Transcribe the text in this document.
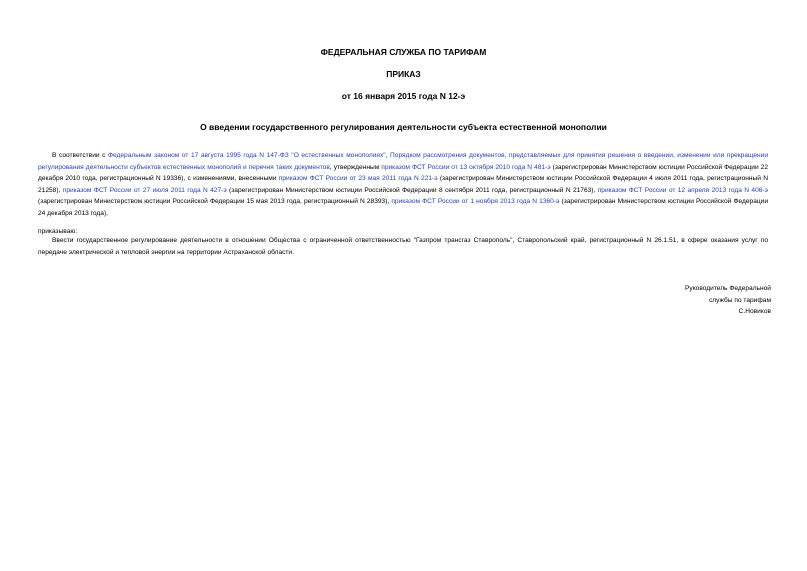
ФЕДЕРАЛЬНАЯ СЛУЖБА ПО ТАРИФАМ
ПРИКАЗ
от 16 января 2015 года N 12-э
О введении государственного регулирования деятельности субъекта естественной монополии
В соответствии с Федеральным законом от 17 августа 1995 года N 147-ФЗ "О естественных монополиях", Порядком рассмотрения документов, представляемых для принятия решения о введении, изменении или прекращении регулирования деятельности субъектов естественных монополий и перечня таких документов, утвержденным приказом ФСТ России от 13 октября 2010 года N 481-э (зарегистрирован Министерством юстиции Российской Федерации 22 декабря 2010 года, регистрационный N 19336), с изменениями, внесенными приказом ФСТ России от 23 мая 2011 года N 221-э (зарегистрирован Министерством юстиции Российской Федерации 4 июля 2011 года, регистрационный N 21258), приказом ФСТ России от 27 июля 2011 года N 427-э (зарегистрирован Министерством юстиции Российской Федерации 8 сентября 2011 года, регистрационный N 21763), приказом ФСТ России от 12 апреля 2013 года N 406-э (зарегистрирован Министерством юстиции Российской Федерации 15 мая 2013 года, регистрационный N 28393), приказом ФСТ России от 1 ноября 2013 года N 1360-э (зарегистрирован Министерством юстиции Российской Федерации 24 декабря 2013 года),
приказываю:
Ввести государственное регулирование деятельности в отношении Общества с ограниченной ответственностью "Газпром трансгаз Ставрополь", Ставропольский край, регистрационный N 26.1.51, в сфере оказания услуг по передаче электрической и тепловой энергии на территории Астраханской области.
Руководитель Федеральной
службы по тарифам
С.Новиков
